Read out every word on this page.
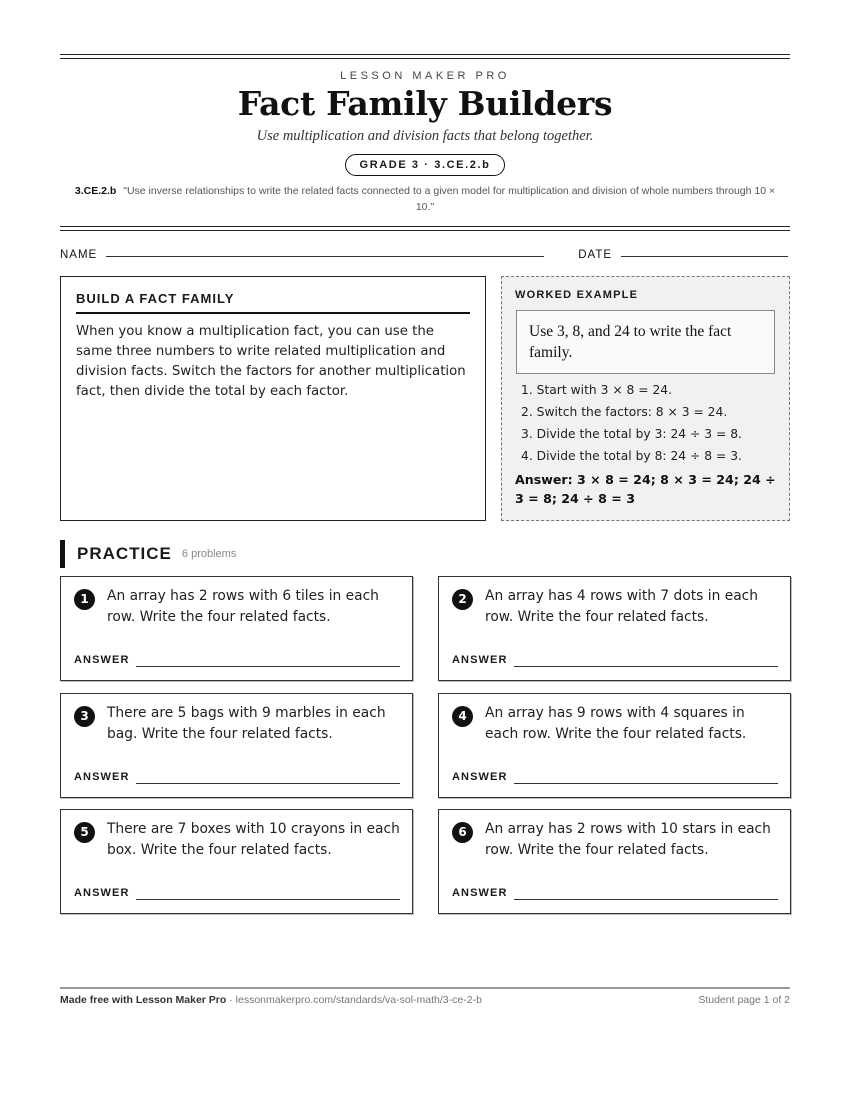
LESSON MAKER PRO
Fact Family Builders
Use multiplication and division facts that belong together.
GRADE 3 · 3.CE.2.b
3.CE.2.b "Use inverse relationships to write the related facts connected to a given model for multiplication and division of whole numbers through 10 × 10."
NAME	DATE
BUILD A FACT FAMILY

When you know a multiplication fact, you can use the same three numbers to write related multiplication and division facts. Switch the factors for another multiplication fact, then divide the total by each factor.

WORKED EXAMPLE
Use 3, 8, and 24 to write the fact family.
1. Start with 3 × 8 = 24.
2. Switch the factors: 8 × 3 = 24.
3. Divide the total by 3: 24 ÷ 3 = 8.
4. Divide the total by 8: 24 ÷ 8 = 3.
Answer: 3 × 8 = 24; 8 × 3 = 24; 24 ÷ 3 = 8; 24 ÷ 8 = 3
PRACTICE 6 problems
1	An array has 2 rows with 6 tiles in each row. Write the four related facts.
ANSWER
2	An array has 4 rows with 7 dots in each row. Write the four related facts.
ANSWER
3	There are 5 bags with 9 marbles in each bag. Write the four related facts.
ANSWER
4	An array has 9 rows with 4 squares in each row. Write the four related facts.
ANSWER
5	There are 7 boxes with 10 crayons in each box. Write the four related facts.
ANSWER
6	An array has 2 rows with 10 stars in each row. Write the four related facts.
ANSWER
Made free with Lesson Maker Pro · lessonmakerpro.com/standards/va-sol-math/3-ce-2-b	Student page 1 of 2
